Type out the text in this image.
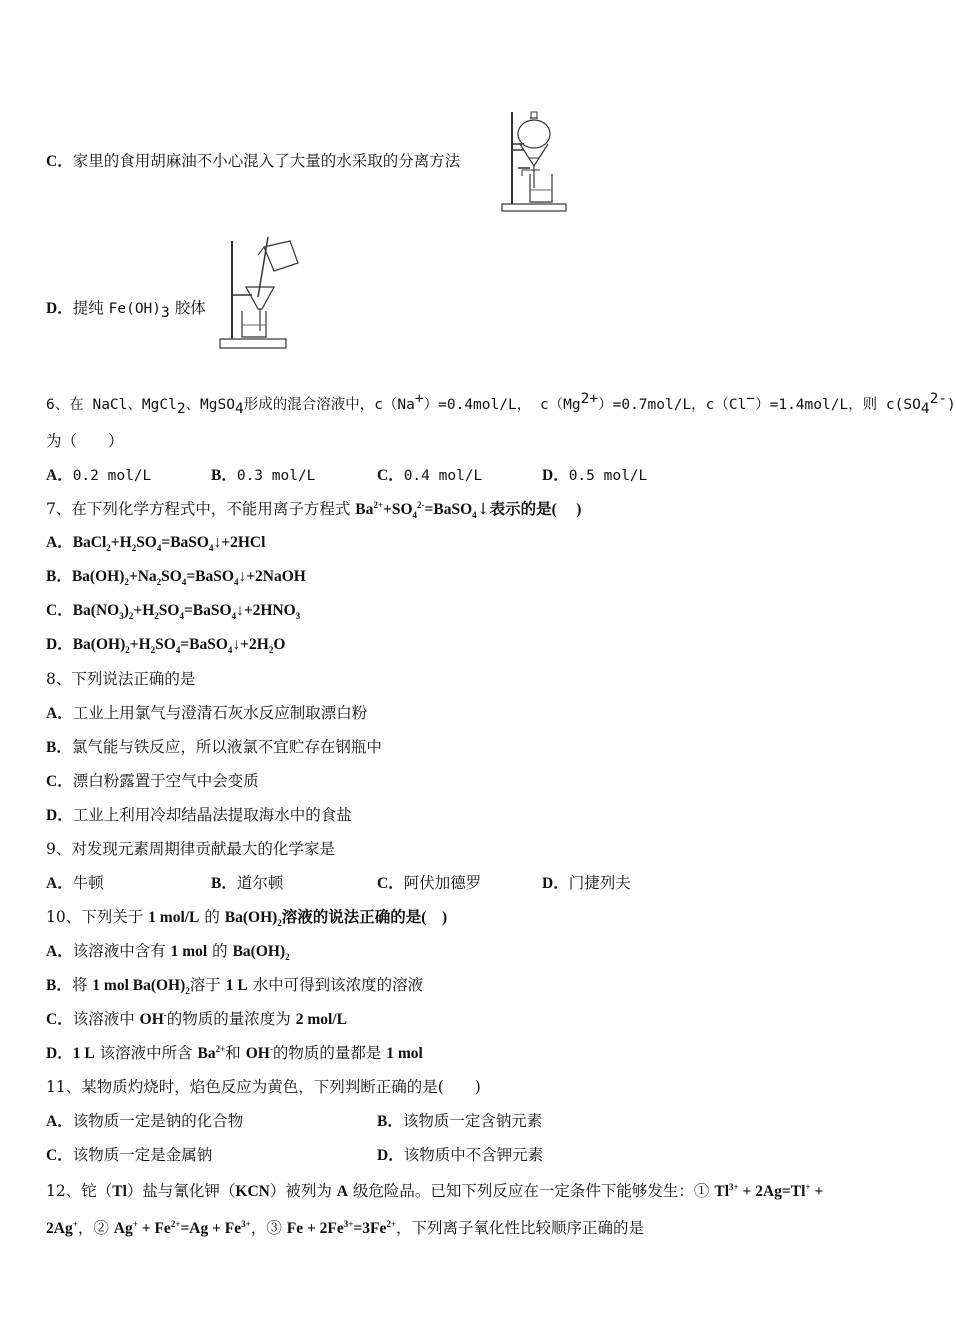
C．家里的食用胡麻油不小心混入了大量的水采取的分离方法
D．提纯 $Fe(OH)_3$ 胶体
6、在 NaCl、MgCl$_2$、MgSO$_4$形成的混合溶液中，c（Na+）=0.4mol/L， $c(Mg^{2+})=0.7mol/L$，c（Cl−）=1.4mol/L，则 $c(SO_4^{2-})$
为（　　）
A．0.2 mol/L	B．0.3 mol/L	C．0.4 mol/L	D．0.5 mol/L
7、在下列化学方程式中，不能用离子方程式 $Ba^{2+}+SO_4^{2-}=BaSO_4↓$表示的是(　 )
A．$BaCl_2+H_2SO_4=BaSO_4↓+2HCl$
B．$Ba(OH)_2+Na_2SO_4=BaSO_4↓+2NaOH$
C．$Ba(NO_3)_2+H_2SO_4=BaSO_4↓+2HNO_3$
D．$Ba(OH)_2+H_2SO_4=BaSO_4↓+2H_2O$
8、下列说法正确的是
A．工业上用氯气与澄清石灰水反应制取漂白粉
B．氯气能与铁反应，所以液氯不宜贮存在钢瓶中
C．漂白粉露置于空气中会变质
D．工业上利用冷却结晶法提取海水中的食盐
9、对发现元素周期律贡献最大的化学家是
A．牛顿	B．道尔顿	C．阿伏加德罗	D．门捷列夫
10、下列关于 1 mol/L 的 $Ba(OH)_2$溶液的说法正确的是(　)
A．该溶液中含有 1 mol 的 $Ba(OH)_2$
B．将 1 mol $Ba(OH)_2$溶于 1 L 水中可得到该浓度的溶液
C．该溶液中 OH-的物质的量浓度为 2 mol/L
D．1 L 该溶液中所含 $Ba^{2+}$和 OH-的物质的量都是 1 mol
11、某物质灼烧时，焰色反应为黄色，下列判断正确的是(　　)
A．该物质一定是钠的化合物	B．该物质一定含钠元素
C．该物质一定是金属钠	D．该物质中不含钾元素
12、铊（Tl）盐与氰化钾（KCN）被列为 A 级危险品。已知下列反应在一定条件下能够发生：① $Tl^{3+} + 2Ag=Tl^+$ +
2Ag+，② $Ag^+ + Fe^{2+}=Ag + Fe^{3+}$，③ $Fe + 2Fe^{3+}=3Fe^{2+}$，下列离子氧化性比较顺序正确的是
